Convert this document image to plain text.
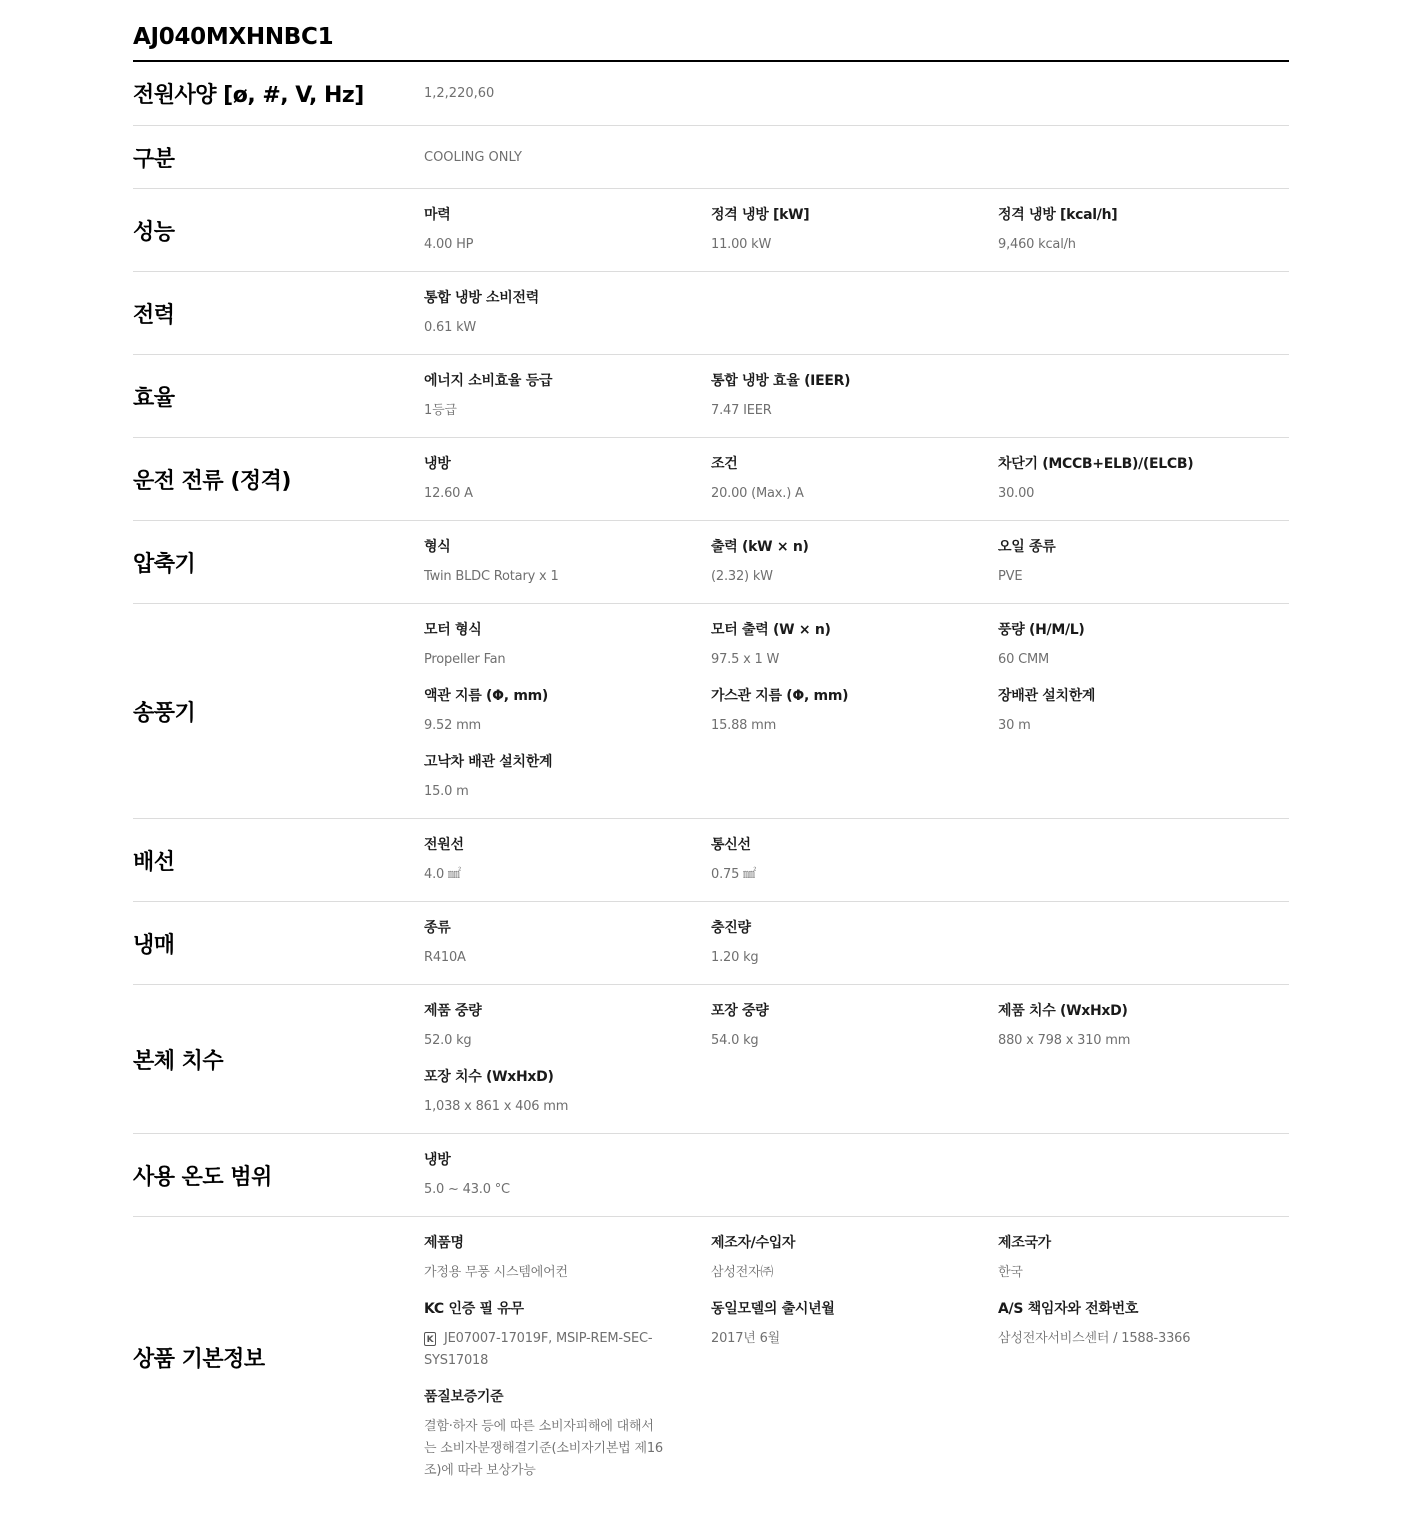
AJ040MXHNBC1
전원사양 [ø, #, V, Hz]	1,2,220,60
구분	COOLING ONLY
성능
마력
4.00 HP
정격 냉방 [kW]
11.00 kW
정격 냉방 [kcal/h]
9,460 kcal/h
전력
통합 냉방 소비전력
0.61 kW
효율
에너지 소비효율 등급
1등급
통합 냉방 효율 (IEER)
7.47 IEER
운전 전류 (정격)
냉방
12.60 A
조건
20.00 (Max.) A
차단기 (MCCB+ELB)/(ELCB)
30.00
압축기
형식
Twin BLDC Rotary x 1
출력 (kW × n)
(2.32) kW
오일 종류
PVE
송풍기
모터 형식
Propeller Fan
모터 출력 (W × n)
97.5 x 1 W
풍량 (H/M/L)
60 CMM
액관 지름 (Φ, mm)
9.52 mm
가스관 지름 (Φ, mm)
15.88 mm
장배관 설치한계
30 m
고낙차 배관 설치한계
15.0 m
배선
전원선
4.0 ㎟
통신선
0.75 ㎟
냉매
종류
R410A
충진량
1.20 kg
본체 치수
제품 중량
52.0 kg
포장 중량
54.0 kg
제품 치수 (WxHxD)
880 x 798 x 310 mm
포장 치수 (WxHxD)
1,038 x 861 x 406 mm
사용 온도 범위
냉방
5.0 ~ 43.0 °C
상품 기본정보
제품명
가정용 무풍 시스템에어컨
제조자/수입자
삼성전자㈜
제조국가
한국
KC 인증 필 유무
K JE07007-17019F, MSIP-REM-SEC-SYS17018
동일모델의 출시년월
2017년 6월
A/S 책임자와 전화번호
삼성전자서비스센터 / 1588-3366
품질보증기준
결함·하자 등에 따른 소비자피해에 대해서는 소비자분쟁해결기준(소비자기본법 제16조)에 따라 보상가능
